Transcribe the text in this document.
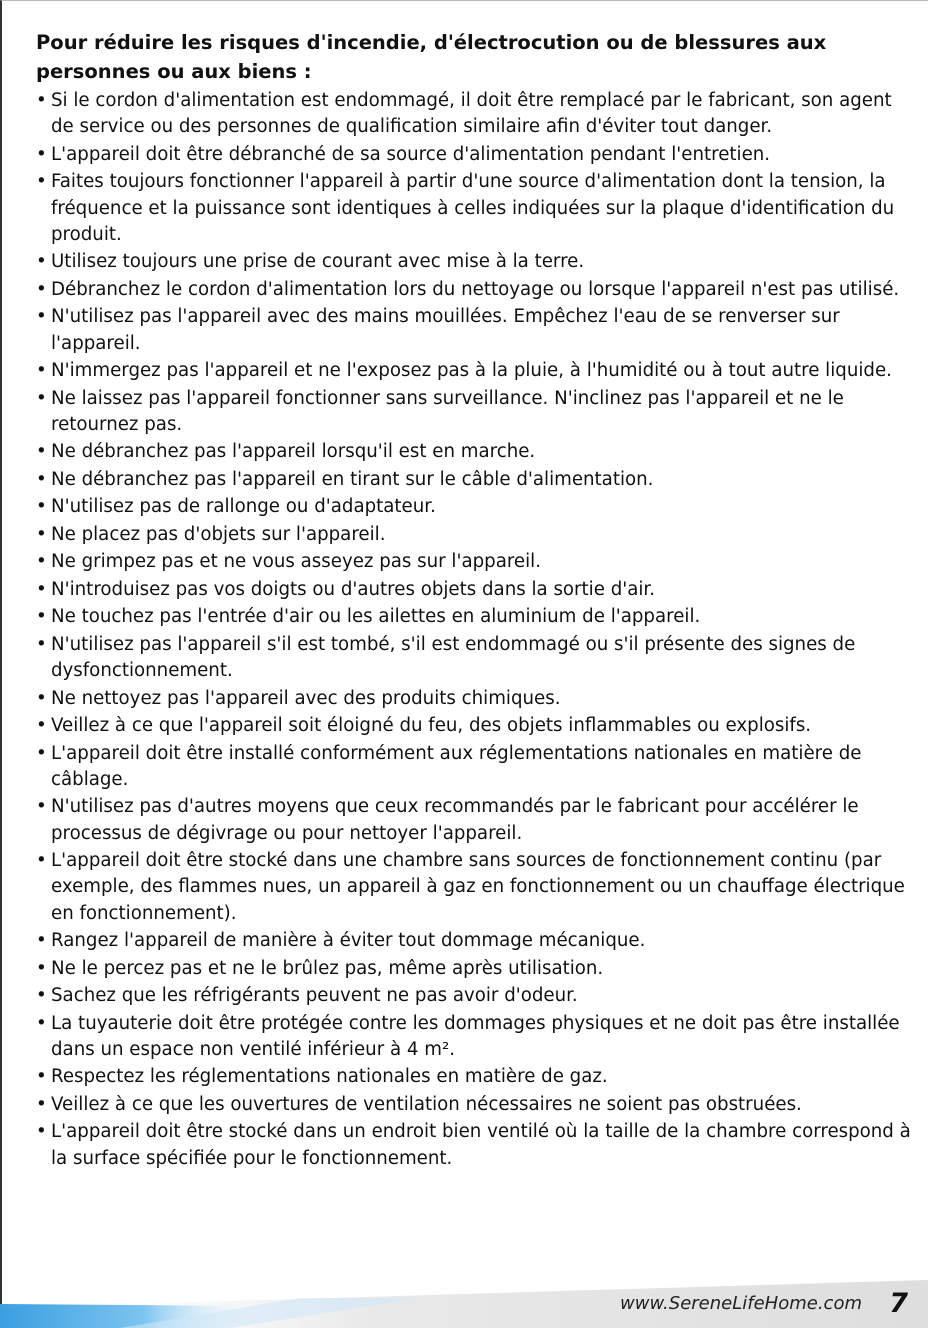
Pour réduire les risques d'incendie, d'électrocution ou de blessures aux personnes ou aux biens :
• Si le cordon d'alimentation est endommagé, il doit être remplacé par le fabricant, son agent de service ou des personnes de qualification similaire afin d'éviter tout danger.
• L'appareil doit être débranché de sa source d'alimentation pendant l'entretien.
• Faites toujours fonctionner l'appareil à partir d'une source d'alimentation dont la tension, la fréquence et la puissance sont identiques à celles indiquées sur la plaque d'identification du produit.
• Utilisez toujours une prise de courant avec mise à la terre.
• Débranchez le cordon d'alimentation lors du nettoyage ou lorsque l'appareil n'est pas utilisé.
• N'utilisez pas l'appareil avec des mains mouillées. Empêchez l'eau de se renverser sur l'appareil.
• N'immergez pas l'appareil et ne l'exposez pas à la pluie, à l'humidité ou à tout autre liquide.
• Ne laissez pas l'appareil fonctionner sans surveillance. N'inclinez pas l'appareil et ne le retournez pas.
• Ne débranchez pas l'appareil lorsqu'il est en marche.
• Ne débranchez pas l'appareil en tirant sur le câble d'alimentation.
• N'utilisez pas de rallonge ou d'adaptateur.
• Ne placez pas d'objets sur l'appareil.
• Ne grimpez pas et ne vous asseyez pas sur l'appareil.
• N'introduisez pas vos doigts ou d'autres objets dans la sortie d'air.
• Ne touchez pas l'entrée d'air ou les ailettes en aluminium de l'appareil.
• N'utilisez pas l'appareil s'il est tombé, s'il est endommagé ou s'il présente des signes de dysfonctionnement.
• Ne nettoyez pas l'appareil avec des produits chimiques.
• Veillez à ce que l'appareil soit éloigné du feu, des objets inflammables ou explosifs.
• L'appareil doit être installé conformément aux réglementations nationales en matière de câblage.
• N'utilisez pas d'autres moyens que ceux recommandés par le fabricant pour accélérer le processus de dégivrage ou pour nettoyer l'appareil.
• L'appareil doit être stocké dans une chambre sans sources de fonctionnement continu (par exemple, des flammes nues, un appareil à gaz en fonctionnement ou un chauffage électrique en fonctionnement).
• Rangez l'appareil de manière à éviter tout dommage mécanique.
• Ne le percez pas et ne le brûlez pas, même après utilisation.
• Sachez que les réfrigérants peuvent ne pas avoir d'odeur.
• La tuyauterie doit être protégée contre les dommages physiques et ne doit pas être installée dans un espace non ventilé inférieur à 4 m².
• Respectez les réglementations nationales en matière de gaz.
• Veillez à ce que les ouvertures de ventilation nécessaires ne soient pas obstruées.
• L'appareil doit être stocké dans un endroit bien ventilé où la taille de la chambre correspond à la surface spécifiée pour le fonctionnement.
www.SereneLifeHome.com 7
